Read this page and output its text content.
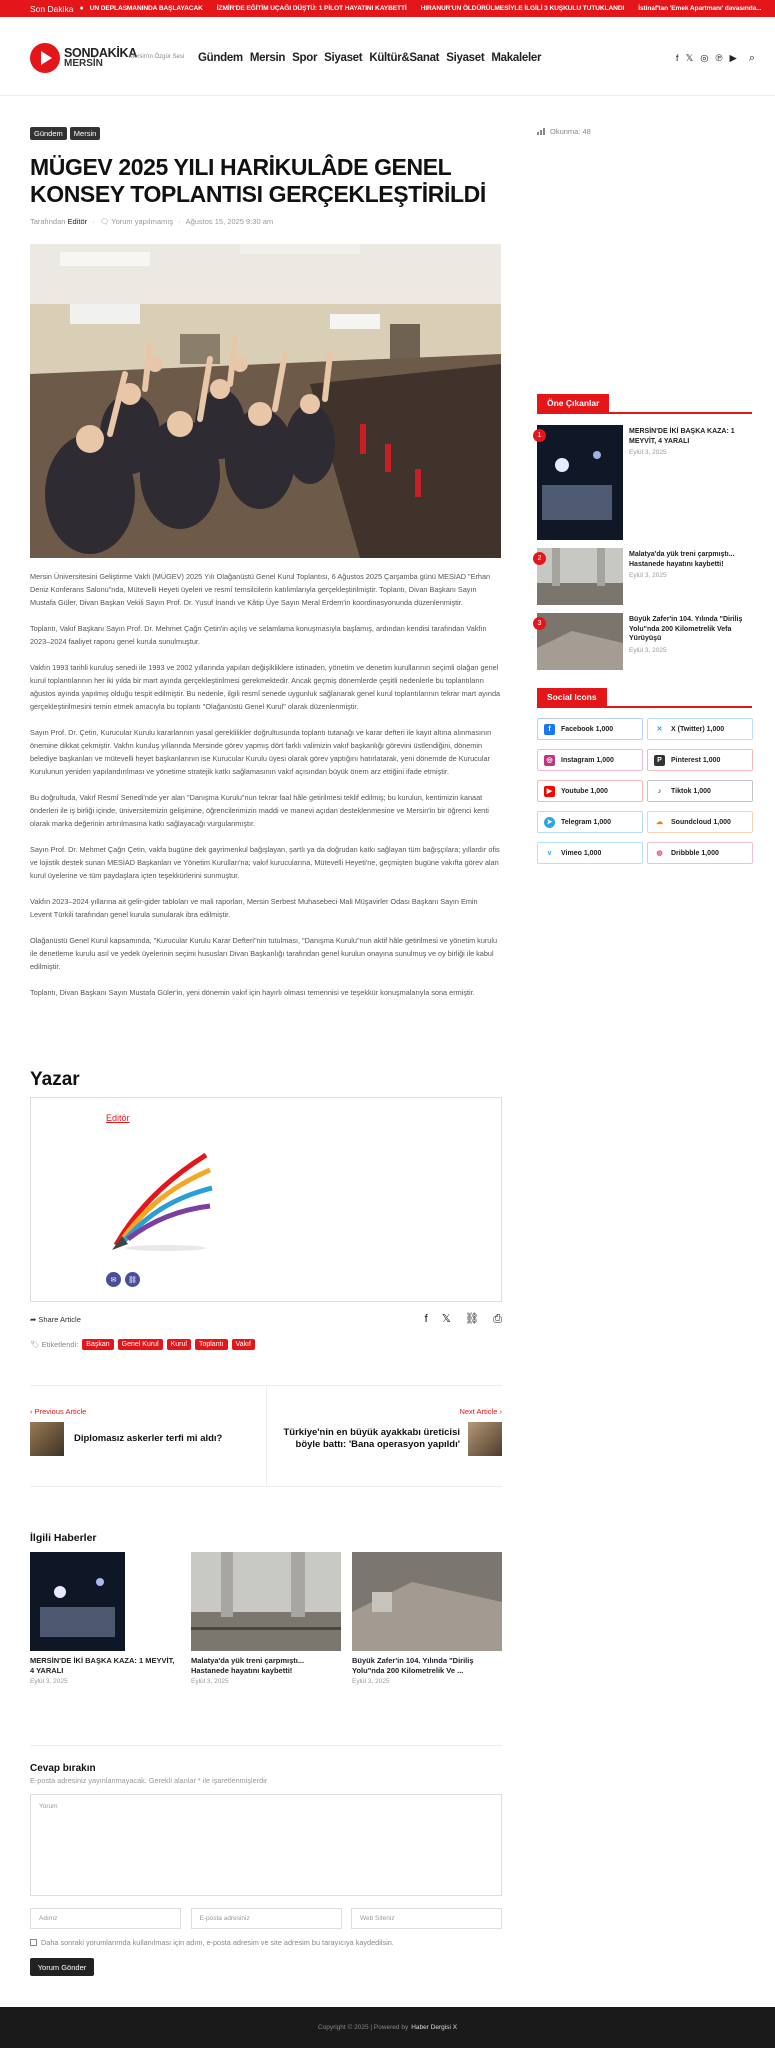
Son Dakika ● UN DEPLASMANINDA BAŞLAYACAK İZMİR'DE EĞİTİM UÇAĞI DÜŞTÜ: 1 PİLOT HAYATINI KAYBETTİ HIRANUR'UN ÖLDÜRÜLMESİYLE İLGİLİ 3 KUŞKULU TUTUKLANDI İstinaf'tan 'Emek Apartmanı' davasında...
SONDAKİKA
MERSİN
Mersin'in Özgür Sesi Gündem Mersin Spor Siyaset Kültür&Sanat Siyaset Makaleler	f 𝕏 ◎ ℗ ▶ ⌕
Gündem	Mersin
MÜGEV 2025 YILI HARİKULÂDE GENEL KONSEY TOPLANTISI GERÇEKLEŞTİRİLDİ
Tarafından
Editör · 🗨 Yorum yapılmamış · Ağustos 15, 2025 9:30 am

Mersin Üniversitesini Geliştirme Vakfı (MÜGEV) 2025 Yılı Olağanüstü Genel Kurul Toplantısı, 6 Ağustos 2025 Çarşamba günü MESİAD "Erhan Deniz Konferans Salonu"nda, Mütevelli Heyeti üyeleri ve resmî temsilcilerin katılımlarıyla gerçekleştirilmiştir. Toplantı, Divan Başkanı Sayın Mustafa Güler, Divan Başkan Vekili Sayın Prof. Dr. Yusuf İnandı ve Kâtip Üye Sayın Meral Erdem'in koordinasyonunda düzenlenmiştir.

Toplantı, Vakıf Başkanı Sayın Prof. Dr. Mehmet Çağrı Çetin'in açılış ve selamlama konuşmasıyla başlamış, ardından kendisi tarafından Vakfın 2023–2024 faaliyet raporu genel kurula sunulmuştur.

Vakfın 1993 tarihli kuruluş senedi ile 1993 ve 2002 yıllarında yapılan değişikliklere istinaden, yönetim ve denetim kurullarının seçimli olağan genel kurul toplantılarının her iki yılda bir mart ayında gerçekleştirilmesi gerekmektedir. Ancak geçmiş dönemlerde çeşitli nedenlerle bu toplantıların ağustos ayında yapılmış olduğu tespit edilmiştir. Bu nedenle, ilgili resmî senede uygunluk sağlanarak genel kurul toplantılarının tekrar mart ayında gerçekleştirilmesini temin etmek amacıyla bu toplantı "Olağanüstü Genel Kurul" olarak düzenlenmiştir.

Sayın Prof. Dr. Çetin, Kurucular Kurulu kararlarının yasal gereklilikler doğrultusunda toplantı tutanağı ve karar defteri ile kayıt altına alınmasının önemine dikkat çekmiştir. Vakfın kuruluş yıllarında Mersinde görev yapmış dört farklı valimizin vakıf başkanlığı görevini üstlendiğini, dönemin belediye başkanları ve mütevelli heyet başkanlarının ise Kurucular Kurulu üyesi olarak görev yaptığını hatırlatarak, yeni dönemde de Kurucular Kurulunun yeniden yapılandırılması ve yönetime stratejik katkı sağlamasının vakıf açısından büyük önem arz ettiğini ifade etmiştir.

Bu doğrultuda, Vakıf Resmî Senedi'nde yer alan "Danışma Kurulu"nun tekrar faal hâle getirilmesi teklif edilmiş; bu kurulun, kentimizin kanaat önderleri ile iş birliği içinde, üniversitemizin gelişimine, öğrencilerimizin maddi ve manevi açıdan desteklenmesine ve Mersin'in bir öğrenci kenti olarak marka değerinin artırılmasına katkı sağlayacağı vurgulanmıştır.

Sayın Prof. Dr. Mehmet Çağrı Çetin, vakfa bugüne dek gayrimenkul bağışlayan, şartlı ya da doğrudan katkı sağlayan tüm bağışçılara; yıllardır ofis ve lojistik destek sunan MESİAD Başkanları ve Yönetim Kurulları'na; vakıf kurucularına, Mütevelli Heyeti'ne, geçmişten bugüne vakıfta görev alan kurul üyelerine ve tüm paydaşlara içten teşekkürlerini sunmuştur.

Vakfın 2023–2024 yıllarına ait gelir-gider tabloları ve mali raporları, Mersin Serbest Muhasebeci Mali Müşavirler Odası Başkanı Sayın Emin Levent Türkili tarafından genel kurula sunularak ibra edilmiştir.

Olağanüstü Genel Kurul kapsamında, "Kurucular Kurulu Karar Defteri"nin tutulması, "Danışma Kurulu"nun aktif hâle getirilmesi ve yönetim kurulu ile denetleme kurulu asıl ve yedek üyelerinin seçimi hususları Divan Başkanlığı tarafından genel kurulun onayına sunulmuş ve oy birliği ile kabul edilmiştir.

Toplantı, Divan Başkanı Sayın Mustafa Güler'in, yeni dönemin vakıf için hayırlı olması temennisi ve teşekkür konuşmalarıyla sona ermiştir.

Yazar
Editör
✉	⛓
➦ Share Article	f 𝕏 ⛓ ⎙
🏷 Etiketlendi:	Başkan	Genel Kurul	Kurul	Toplantı	Vakıf
‹ Previous Article
Diplomasız askerler terfi mi aldı?
Next Article ›
Türkiye'nin en büyük ayakkabı üreticisi böyle battı: 'Bana operasyon yapıldı'
İlgili Haberler
MERSİN'DE İKİ BAŞKA KAZA: 1 MEYVİT, 4 YARALI
Eylül 3, 2025
Malatya'da yük treni çarpmıştı... Hastanede hayatını kaybetti!
Eylül 3, 2025
Büyük Zafer'in 104. Yılında "Diriliş Yolu"nda 200 Kilometrelik Ve ...
Eylül 3, 2025
Cevap bırakın
E-posta adresiniz yayınlanmayacak. Gerekli alanlar * ile işaretlenmişlerdir
Yorum
Adınız	E-posta adresiniz	Web Siteniz
Daha sonraki yorumlarımda kullanılması için adım, e-posta adresim ve site adresim bu tarayıcıya kaydedilsin.
Yorum Gönder
Copyright © 2025 | Powered by Haber Dergisi X
Okunma: 48
Öne Çıkanlar
1
MERSİN'DE İKİ BAŞKA KAZA: 1 MEYVİT, 4 YARALI
Eylül 3, 2025
2
Malatya'da yük treni çarpmıştı... Hastanede hayatını kaybetti!
Eylül 3, 2025
3
Büyük Zafer'in 104. Yılında "Diriliş Yolu"nda 200 Kilometrelik Vefa Yürüyüşü
Eylül 3, 2025
Social Icons
f	Facebook 1,000	✕	X (Twitter) 1,000
◎	Instagram 1,000	P	Pinterest 1,000
▶	Youtube 1,000	♪	Tiktok 1,000
➤	Telegram 1,000	☁ Soundcloud 1,000
v	Vimeo 1,000	◍	Dribbble 1,000
